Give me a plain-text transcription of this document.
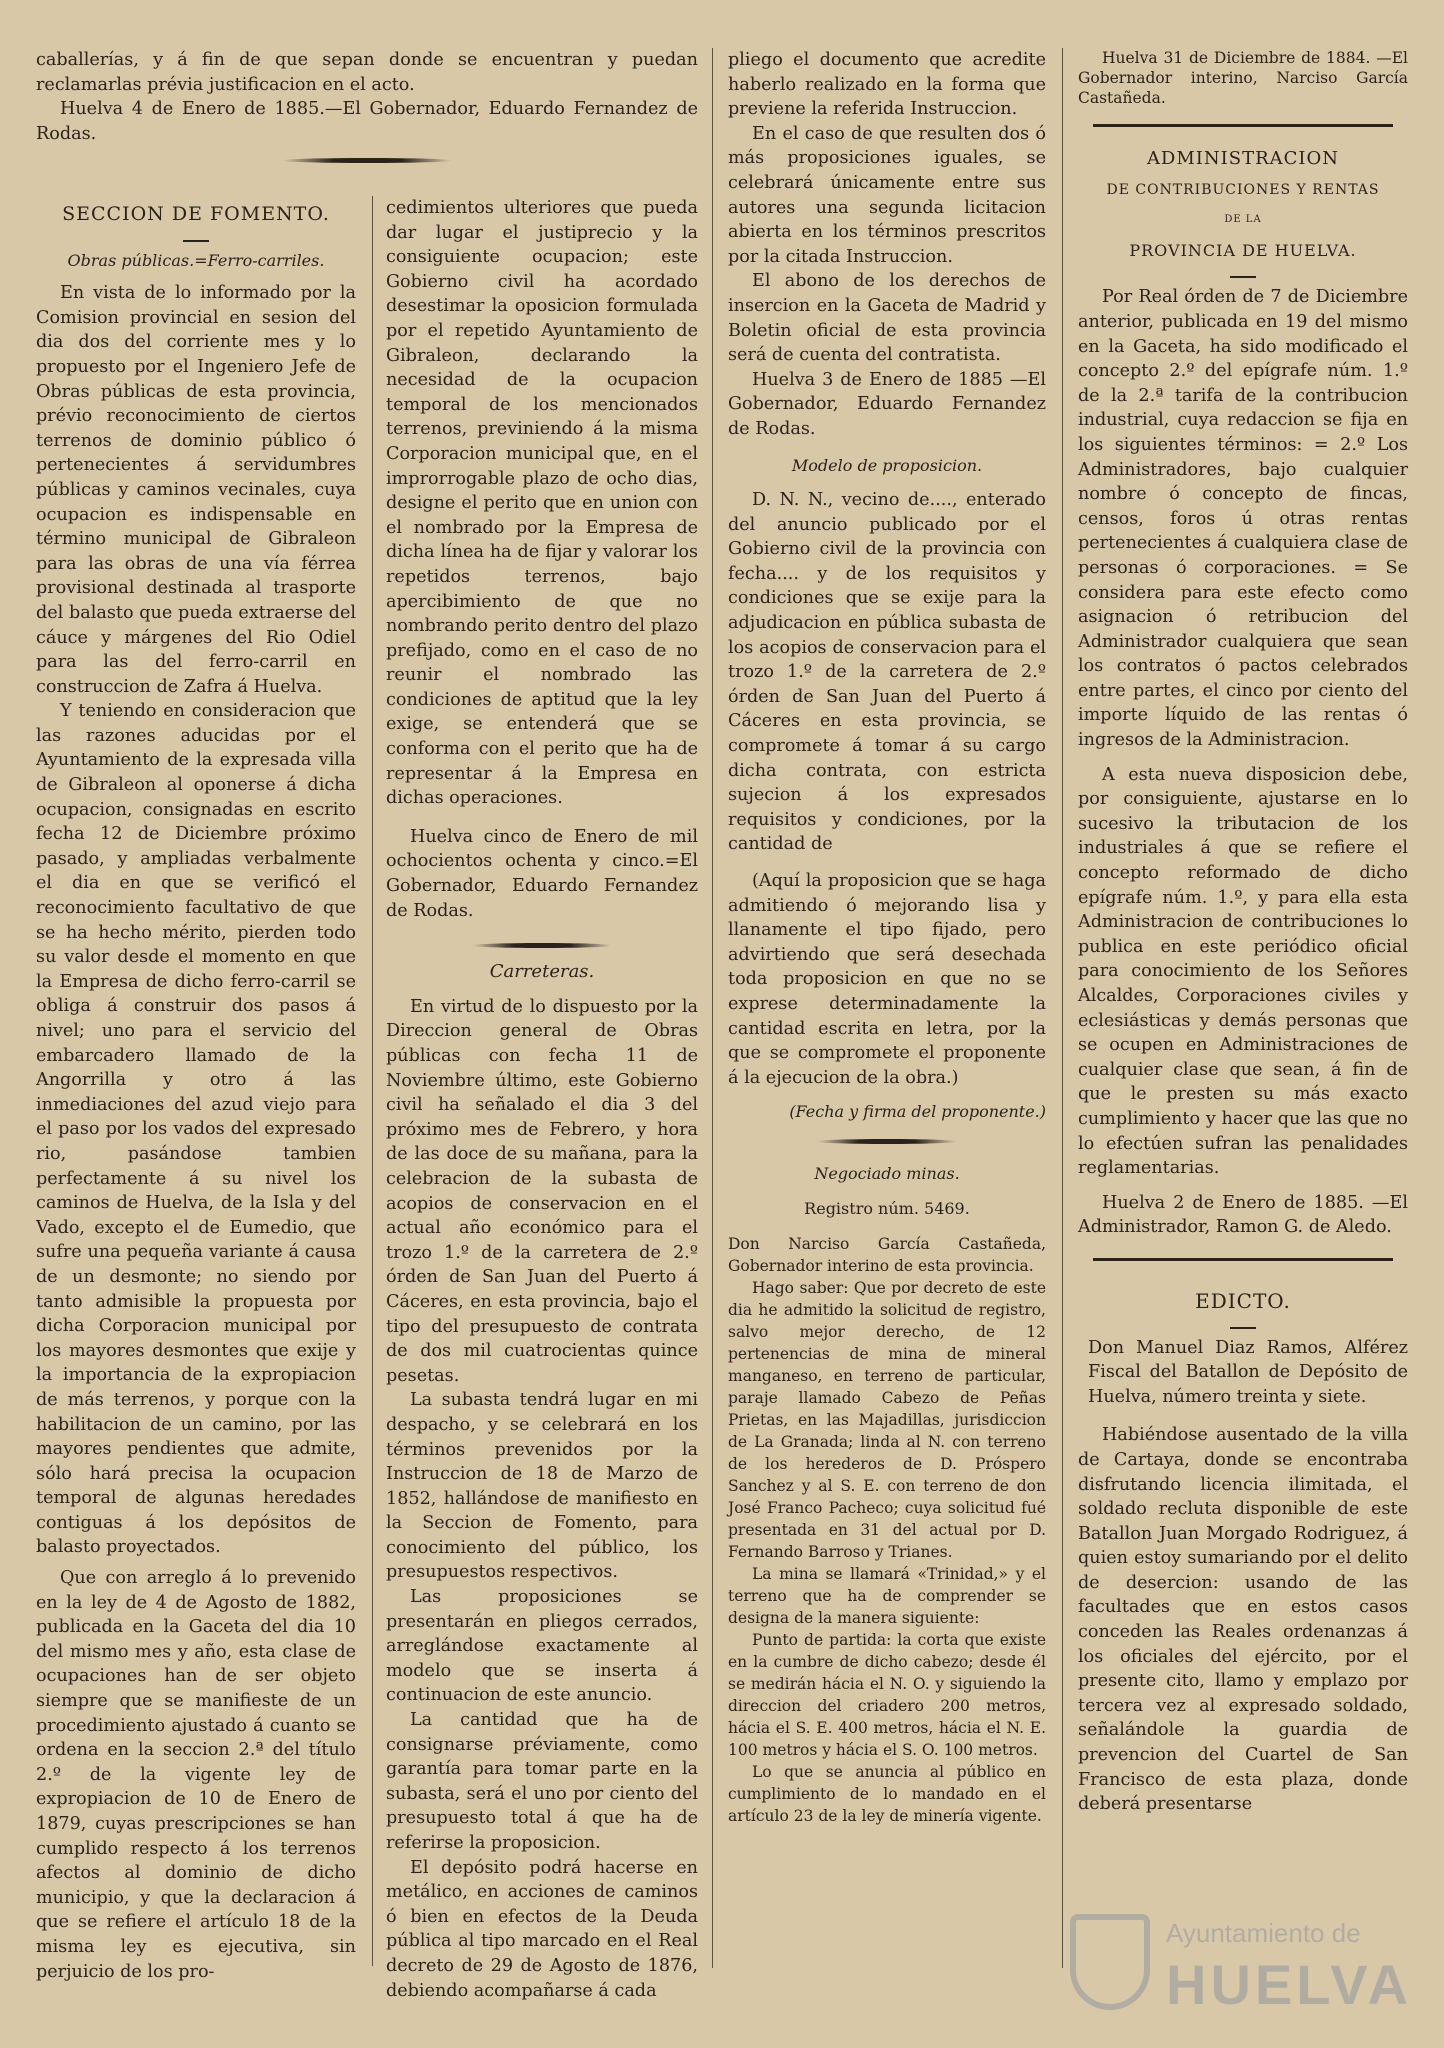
caballerías, y á fin de que sepan donde se encuentran y puedan reclamarlas prévia justificacion en el acto.

Huelva 4 de Enero de 1885.—El Gobernador, Eduardo Fernandez de Rodas.

SECCION DE FOMENTO.
Obras públicas.=Ferro-carriles.

En vista de lo informado por la Comision provincial en sesion del dia dos del corriente mes y lo propuesto por el Ingeniero Jefe de Obras públicas de esta provincia, prévio reconocimiento de ciertos terrenos de dominio público ó pertenecientes á servidumbres públicas y caminos vecinales, cuya ocupacion es indispensable en término municipal de Gibraleon para las obras de una vía férrea provisional destinada al trasporte del balasto que pueda extraerse del cáuce y márgenes del Rio Odiel para las del ferro-carril en construccion de Zafra á Huelva.

Y teniendo en consideracion que las razones aducidas por el Ayuntamiento de la expresada villa de Gibraleon al oponerse á dicha ocupacion, consignadas en escrito fecha 12 de Diciembre próximo pasado, y ampliadas verbalmente el dia en que se verificó el reconocimiento facultativo de que se ha hecho mérito, pierden todo su valor desde el momento en que la Empresa de dicho ferro-carril se obliga á construir dos pasos á nivel; uno para el servicio del embarcadero llamado de la Angorrilla y otro á las inmediaciones del azud viejo para el paso por los vados del expresado rio, pasándose tambien perfectamente á su nivel los caminos de Huelva, de la Isla y del Vado, excepto el de Eumedio, que sufre una pequeña variante á causa de un desmonte; no siendo por tanto admisible la propuesta por dicha Corporacion municipal por los mayores desmontes que exije y la importancia de la expropiacion de más terrenos, y porque con la habilitacion de un camino, por las mayores pendientes que admite, sólo hará precisa la ocupacion temporal de algunas heredades contiguas á los depósitos de balasto proyectados.

Que con arreglo á lo prevenido en la ley de 4 de Agosto de 1882, publicada en la Gaceta del dia 10 del mismo mes y año, esta clase de ocupaciones han de ser objeto siempre que se manifieste de un procedimiento ajustado á cuanto se ordena en la seccion 2.ª del título 2.º de la vigente ley de expropiacion de 10 de Enero de 1879, cuyas prescripciones se han cumplido respecto á los terrenos afectos al dominio de dicho municipio, y que la declaracion á que se refiere el artículo 18 de la misma ley es ejecutiva, sin perjuicio de los pro-

cedimientos ulteriores que pueda dar lugar el justiprecio y la consiguiente ocupacion; este Gobierno civil ha acordado desestimar la oposicion formulada por el repetido Ayuntamiento de Gibraleon, declarando la necesidad de la ocupacion temporal de los mencionados terrenos, previniendo á la misma Corporacion municipal que, en el improrrogable plazo de ocho dias, designe el perito que en union con el nombrado por la Empresa de dicha línea ha de fijar y valorar los repetidos terrenos, bajo apercibimiento de que no nombrando perito dentro del plazo prefijado, como en el caso de no reunir el nombrado las condiciones de aptitud que la ley exige, se entenderá que se conforma con el perito que ha de representar á la Empresa en dichas operaciones.

Huelva cinco de Enero de mil ochocientos ochenta y cinco.=El Gobernador, Eduardo Fernandez de Rodas.

Carreteras.

En virtud de lo dispuesto por la Direccion general de Obras públicas con fecha 11 de Noviembre último, este Gobierno civil ha señalado el dia 3 del próximo mes de Febrero, y hora de las doce de su mañana, para la celebracion de la subasta de acopios de conservacion en el actual año económico para el trozo 1.º de la carretera de 2.º órden de San Juan del Puerto á Cáceres, en esta provincia, bajo el tipo del presupuesto de contrata de dos mil cuatrocientas quince pesetas.

La subasta tendrá lugar en mi despacho, y se celebrará en los términos prevenidos por la Instruccion de 18 de Marzo de 1852, hallándose de manifiesto en la Seccion de Fomento, para conocimiento del público, los presupuestos respectivos.

Las proposiciones se presentarán en pliegos cerrados, arreglándose exactamente al modelo que se inserta á continuacion de este anuncio.

La cantidad que ha de consignarse préviamente, como garantía para tomar parte en la subasta, será el uno por ciento del presupuesto total á que ha de referirse la proposicion.

El depósito podrá hacerse en metálico, en acciones de caminos ó bien en efectos de la Deuda pública al tipo marcado en el Real decreto de 29 de Agosto de 1876, debiendo acompañarse á cada

pliego el documento que acredite haberlo realizado en la forma que previene la referida Instruccion.

En el caso de que resulten dos ó más proposiciones iguales, se celebrará únicamente entre sus autores una segunda licitacion abierta en los términos prescritos por la citada Instruccion.

El abono de los derechos de insercion en la Gaceta de Madrid y Boletin oficial de esta provincia será de cuenta del contratista.

Huelva 3 de Enero de 1885 —El Gobernador, Eduardo Fernandez de Rodas.

Modelo de proposicion.

D. N. N., vecino de...., enterado del anuncio publicado por el Gobierno civil de la provincia con fecha.... y de los requisitos y condiciones que se exije para la adjudicacion en pública subasta de los acopios de conservacion para el trozo 1.º de la carretera de 2.º órden de San Juan del Puerto á Cáceres en esta provincia, se compromete á tomar á su cargo dicha contrata, con estricta sujecion á los expresados requisitos y condiciones, por la cantidad de

(Aquí la proposicion que se haga admitiendo ó mejorando lisa y llanamente el tipo fijado, pero advirtiendo que será desechada toda proposicion en que no se exprese determinadamente la cantidad escrita en letra, por la que se compromete el proponente á la ejecucion de la obra.)

(Fecha y firma del proponente.)
Negociado minas.
Registro núm. 5469.

Don Narciso García Castañeda, Gobernador interino de esta provincia.

Hago saber: Que por decreto de este dia he admitido la solicitud de registro, salvo mejor derecho, de 12 pertenencias de mina de mineral manganeso, en terreno de particular, paraje llamado Cabezo de Peñas Prietas, en las Majadillas, jurisdiccion de La Granada; linda al N. con terreno de los herederos de D. Próspero Sanchez y al S. E. con terreno de don José Franco Pacheco; cuya solicitud fué presentada en 31 del actual por D. Fernando Barroso y Trianes.

La mina se llamará «Trinidad,» y el terreno que ha de comprender se designa de la manera siguiente:

Punto de partida: la corta que existe en la cumbre de dicho cabezo; desde él se medirán hácia el N. O. y siguiendo la direccion del criadero 200 metros, hácia el S. E. 400 metros, hácia el N. E. 100 metros y hácia el S. O. 100 metros.

Lo que se anuncia al público en cumplimiento de lo mandado en el artículo 23 de la ley de minería vigente.

Huelva 31 de Diciembre de 1884. —El Gobernador interino, Narciso García Castañeda.

ADMINISTRACION
DE CONTRIBUCIONES Y RENTAS
DE LA
PROVINCIA DE HUELVA.

Por Real órden de 7 de Diciembre anterior, publicada en 19 del mismo en la Gaceta, ha sido modificado el concepto 2.º del epígrafe núm. 1.º de la 2.ª tarifa de la contribucion industrial, cuya redaccion se fija en los siguientes términos: = 2.º Los Administradores, bajo cualquier nombre ó concepto de fincas, censos, foros ú otras rentas pertenecientes á cualquiera clase de personas ó corporaciones. = Se considera para este efecto como asignacion ó retribucion del Administrador cualquiera que sean los contratos ó pactos celebrados entre partes, el cinco por ciento del importe líquido de las rentas ó ingresos de la Administracion.

A esta nueva disposicion debe, por consiguiente, ajustarse en lo sucesivo la tributacion de los industriales á que se refiere el concepto reformado de dicho epígrafe núm. 1.º, y para ella esta Administracion de contribuciones lo publica en este periódico oficial para conocimiento de los Señores Alcaldes, Corporaciones civiles y eclesiásticas y demás personas que se ocupen en Administraciones de cualquier clase que sean, á fin de que le presten su más exacto cumplimiento y hacer que las que no lo efectúen sufran las penalidades reglamentarias.

Huelva 2 de Enero de 1885. —El Administrador, Ramon G. de Aledo.

EDICTO.

Don Manuel Diaz Ramos, Alférez Fiscal del Batallon de Depósito de Huelva, número treinta y siete.

Habiéndose ausentado de la villa de Cartaya, donde se encontraba disfrutando licencia ilimitada, el soldado recluta disponible de este Batallon Juan Morgado Rodriguez, á quien estoy sumariando por el delito de desercion: usando de las facultades que en estos casos conceden las Reales ordenanzas á los oficiales del ejército, por el presente cito, llamo y emplazo por tercera vez al expresado soldado, señalándole la guardia de prevencion del Cuartel de San Francisco de esta plaza, donde deberá presentarse

Ayuntamiento de
HUELVA
